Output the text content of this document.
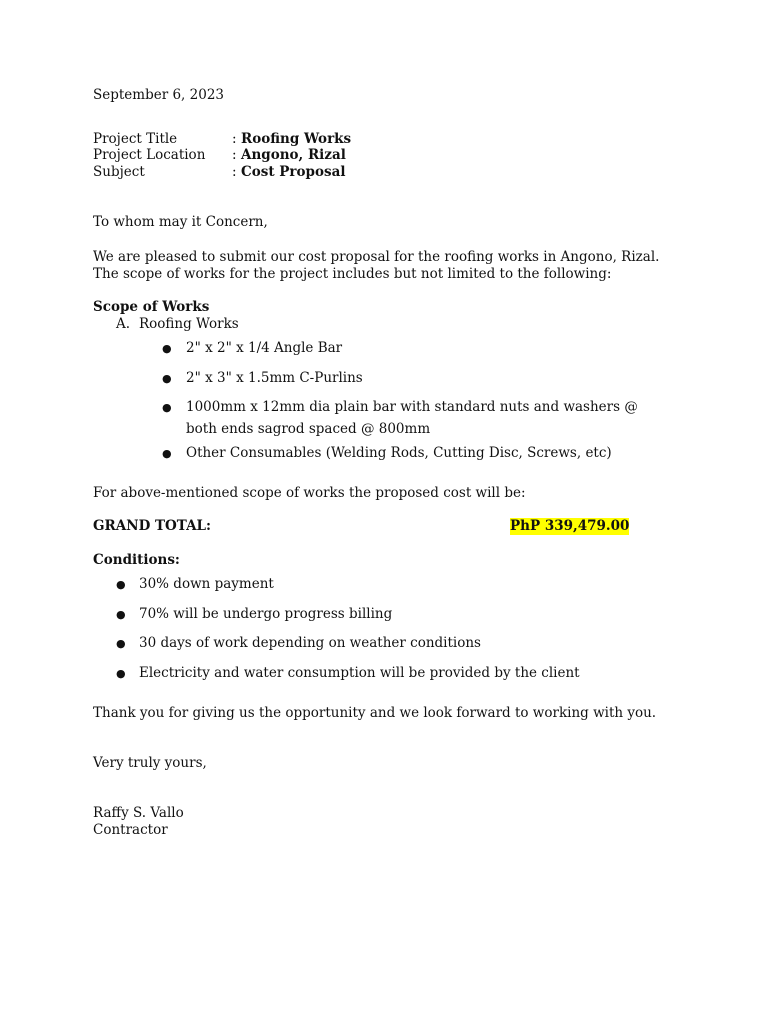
September 6, 2023
Project Title	: Roofing Works
Project Location : Angono, Rizal
Subject	: Cost Proposal
To whom may it Concern,
We are pleased to submit our cost proposal for the roofing works in Angono, Rizal.
The scope of works for the project includes but not limited to the following:
Scope of Works
A. Roofing Works
● 2" x 2" x 1/4 Angle Bar
● 2" x 3" x 1.5mm C-Purlins
● 1000mm x 12mm dia plain bar with standard nuts and washers @
both ends sagrod spaced @ 800mm
● Other Consumables (Welding Rods, Cutting Disc, Screws, etc)
For above-mentioned scope of works the proposed cost will be:
GRAND TOTAL:	PhP 339,479.00
Conditions:
● 30% down payment
● 70% will be undergo progress billing
● 30 days of work depending on weather conditions
● Electricity and water consumption will be provided by the client
Thank you for giving us the opportunity and we look forward to working with you.
Very truly yours,
Raffy S. Vallo
Contractor
